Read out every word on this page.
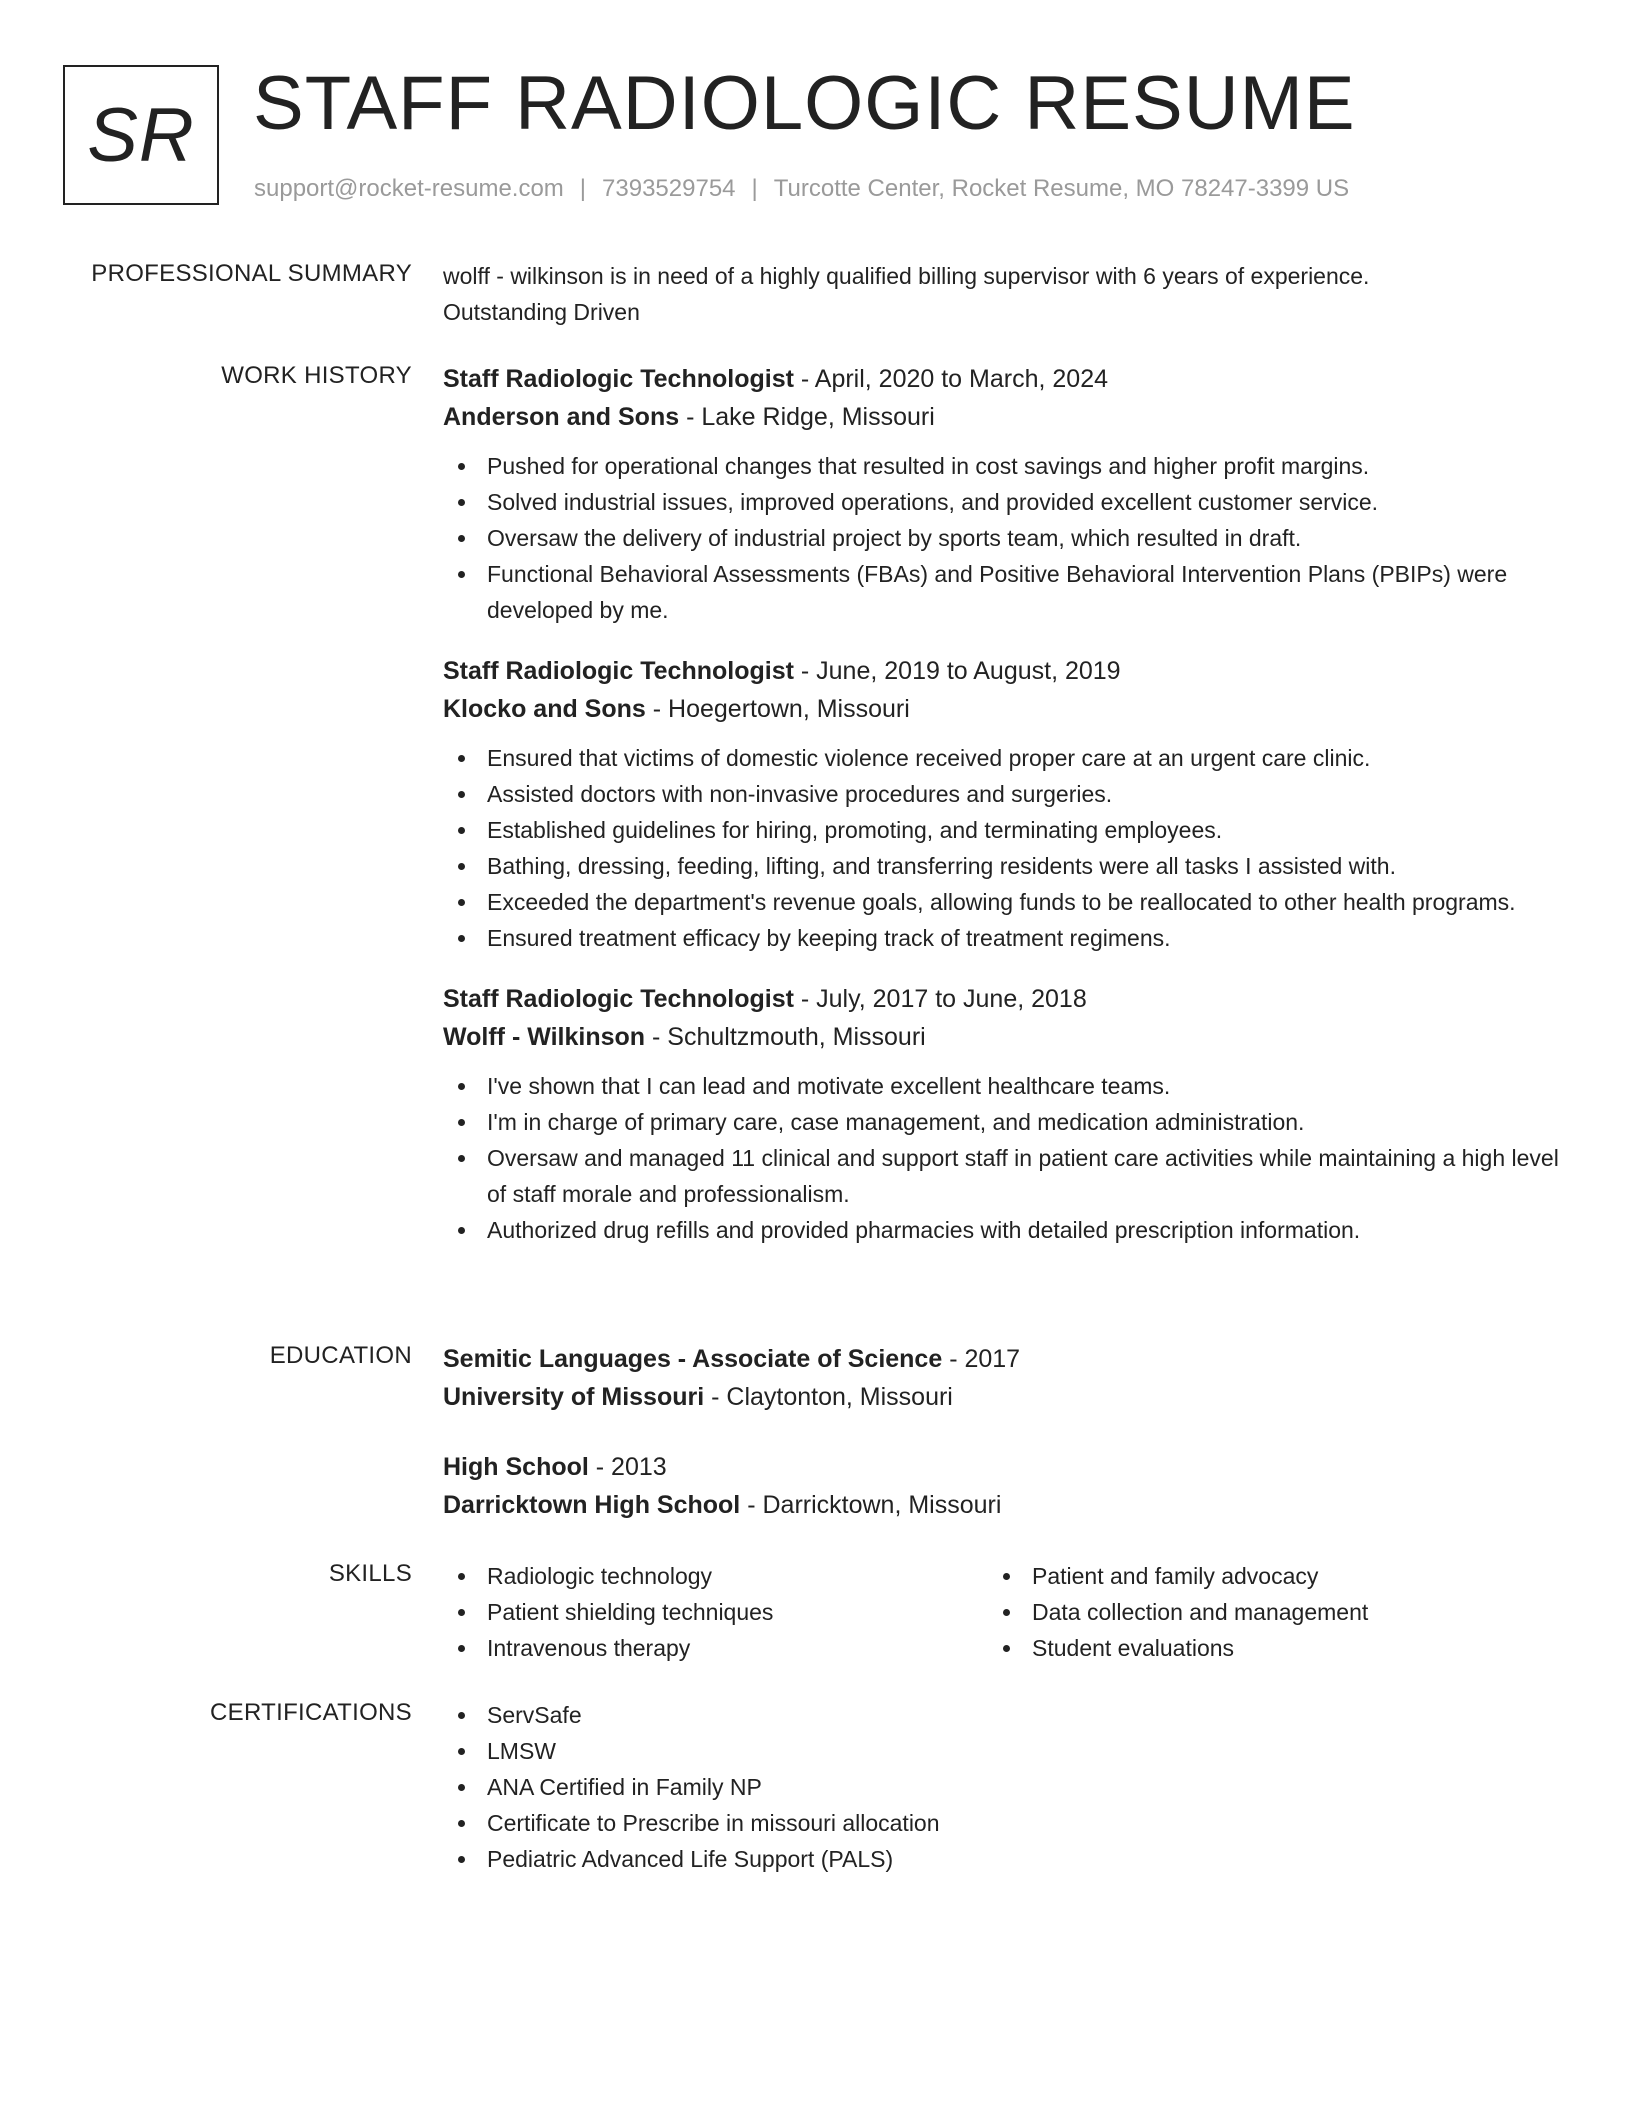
SR STAFF RADIOLOGIC RESUME
support@rocket-resume.com | 7393529754 | Turcotte Center, Rocket Resume, MO 78247-3399 US
PROFESSIONAL SUMMARY wolff - wilkinson is in need of a highly qualified billing supervisor with 6 years of experience.
Outstanding Driven
WORK HISTORY Staff Radiologic Technologist - April, 2020 to March, 2024
Anderson and Sons - Lake Ridge, Missouri
Pushed for operational changes that resulted in cost savings and higher profit margins.
Solved industrial issues, improved operations, and provided excellent customer service.
Oversaw the delivery of industrial project by sports team, which resulted in draft.
Functional Behavioral Assessments (FBAs) and Positive Behavioral Intervention Plans (PBIPs) were developed by me.
Staff Radiologic Technologist - June, 2019 to August, 2019
Klocko and Sons - Hoegertown, Missouri
Ensured that victims of domestic violence received proper care at an urgent care clinic.
Assisted doctors with non-invasive procedures and surgeries.
Established guidelines for hiring, promoting, and terminating employees.
Bathing, dressing, feeding, lifting, and transferring residents were all tasks I assisted with.
Exceeded the department's revenue goals, allowing funds to be reallocated to other health programs.
Ensured treatment efficacy by keeping track of treatment regimens.
Staff Radiologic Technologist - July, 2017 to June, 2018
Wolff - Wilkinson - Schultzmouth, Missouri
I've shown that I can lead and motivate excellent healthcare teams.
I'm in charge of primary care, case management, and medication administration.
Oversaw and managed 11 clinical and support staff in patient care activities while maintaining a high level of staff morale and professionalism.
Authorized drug refills and provided pharmacies with detailed prescription information.
EDUCATION Semitic Languages - Associate of Science - 2017
University of Missouri - Claytonton, Missouri
High School - 2013
Darricktown High School - Darricktown, Missouri
SKILLS	Radiologic technology
Patient shielding techniques
Intravenous therapy
Patient and family advocacy
Data collection and management
Student evaluations
CERTIFICATIONS	ServSafe
LMSW
ANA Certified in Family NP
Certificate to Prescribe in missouri allocation
Pediatric Advanced Life Support (PALS)
